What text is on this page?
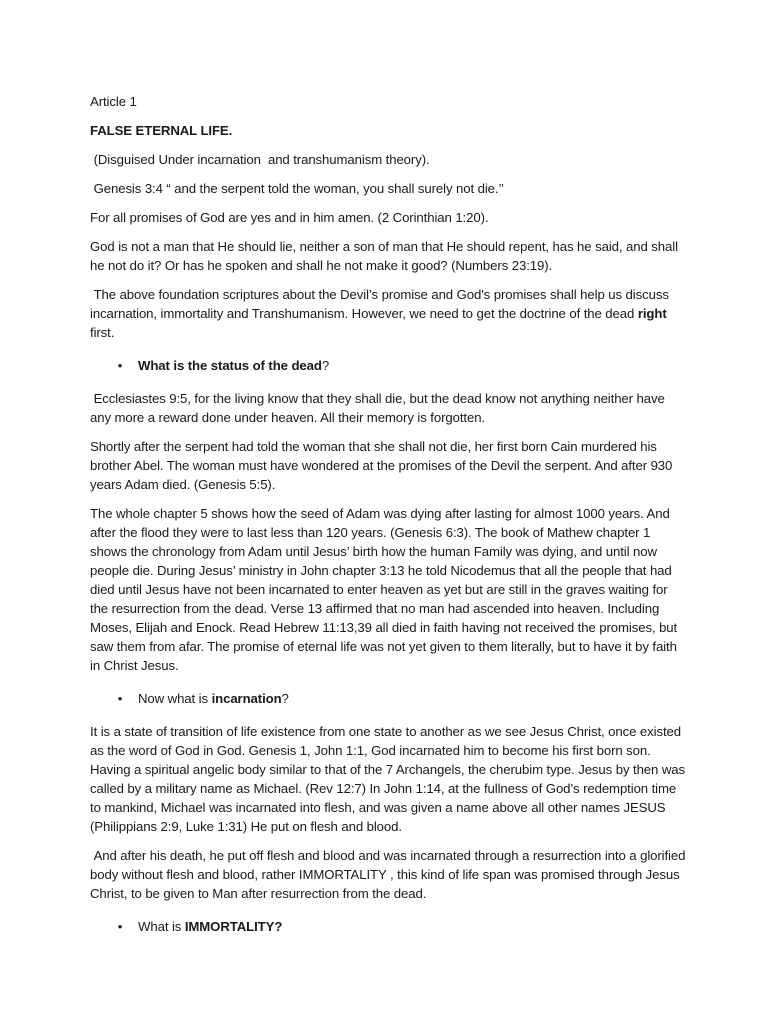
Article 1

FALSE ETERNAL LIFE.

(Disguised Under incarnation  and transhumanism theory).

Genesis 3:4 “ and the serpent told the woman, you shall surely not die.’’

For all promises of God are yes and in him amen. (2 Corinthian 1:20).

God is not a man that He should lie, neither a son of man that He should repent, has he said, and shall he not do it? Or has he spoken and shall he not make it good? (Numbers 23:19).

The above foundation scriptures about the Devil’s promise and God's promises shall help us discuss incarnation, immortality and Transhumanism. However, we need to get the doctrine of the dead right first.

• What is the status of the dead?

Ecclesiastes 9:5, for the living know that they shall die, but the dead know not anything neither have any more a reward done under heaven. All their memory is forgotten.

Shortly after the serpent had told the woman that she shall not die, her first born Cain murdered his brother Abel. The woman must have wondered at the promises of the Devil the serpent. And after 930 years Adam died. (Genesis 5:5).

The whole chapter 5 shows how the seed of Adam was dying after lasting for almost 1000 years. And after the flood they were to last less than 120 years. (Genesis 6:3). The book of Mathew chapter 1 shows the chronology from Adam until Jesus’ birth how the human Family was dying, and until now people die. During Jesus’ ministry in John chapter 3:13 he told Nicodemus that all the people that had died until Jesus have not been incarnated to enter heaven as yet but are still in the graves waiting for the resurrection from the dead. Verse 13 affirmed that no man had ascended into heaven. Including Moses, Elijah and Enock. Read Hebrew 11:13,39 all died in faith having not received the promises, but saw them from afar. The promise of eternal life was not yet given to them literally, but to have it by faith in Christ Jesus.

• Now what is incarnation?

It is a state of transition of life existence from one state to another as we see Jesus Christ, once existed as the word of God in God. Genesis 1, John 1:1, God incarnated him to become his first born son. Having a spiritual angelic body similar to that of the 7 Archangels, the cherubim type. Jesus by then was called by a military name as Michael. (Rev 12:7) In John 1:14, at the fullness of God’s redemption time to mankind, Michael was incarnated into flesh, and was given a name above all other names JESUS (Philippians 2:9, Luke 1:31) He put on flesh and blood.

And after his death, he put off flesh and blood and was incarnated through a resurrection into a glorified body without flesh and blood, rather IMMORTALITY , this kind of life span was promised through Jesus Christ, to be given to Man after resurrection from the dead.

• What is IMMORTALITY?
